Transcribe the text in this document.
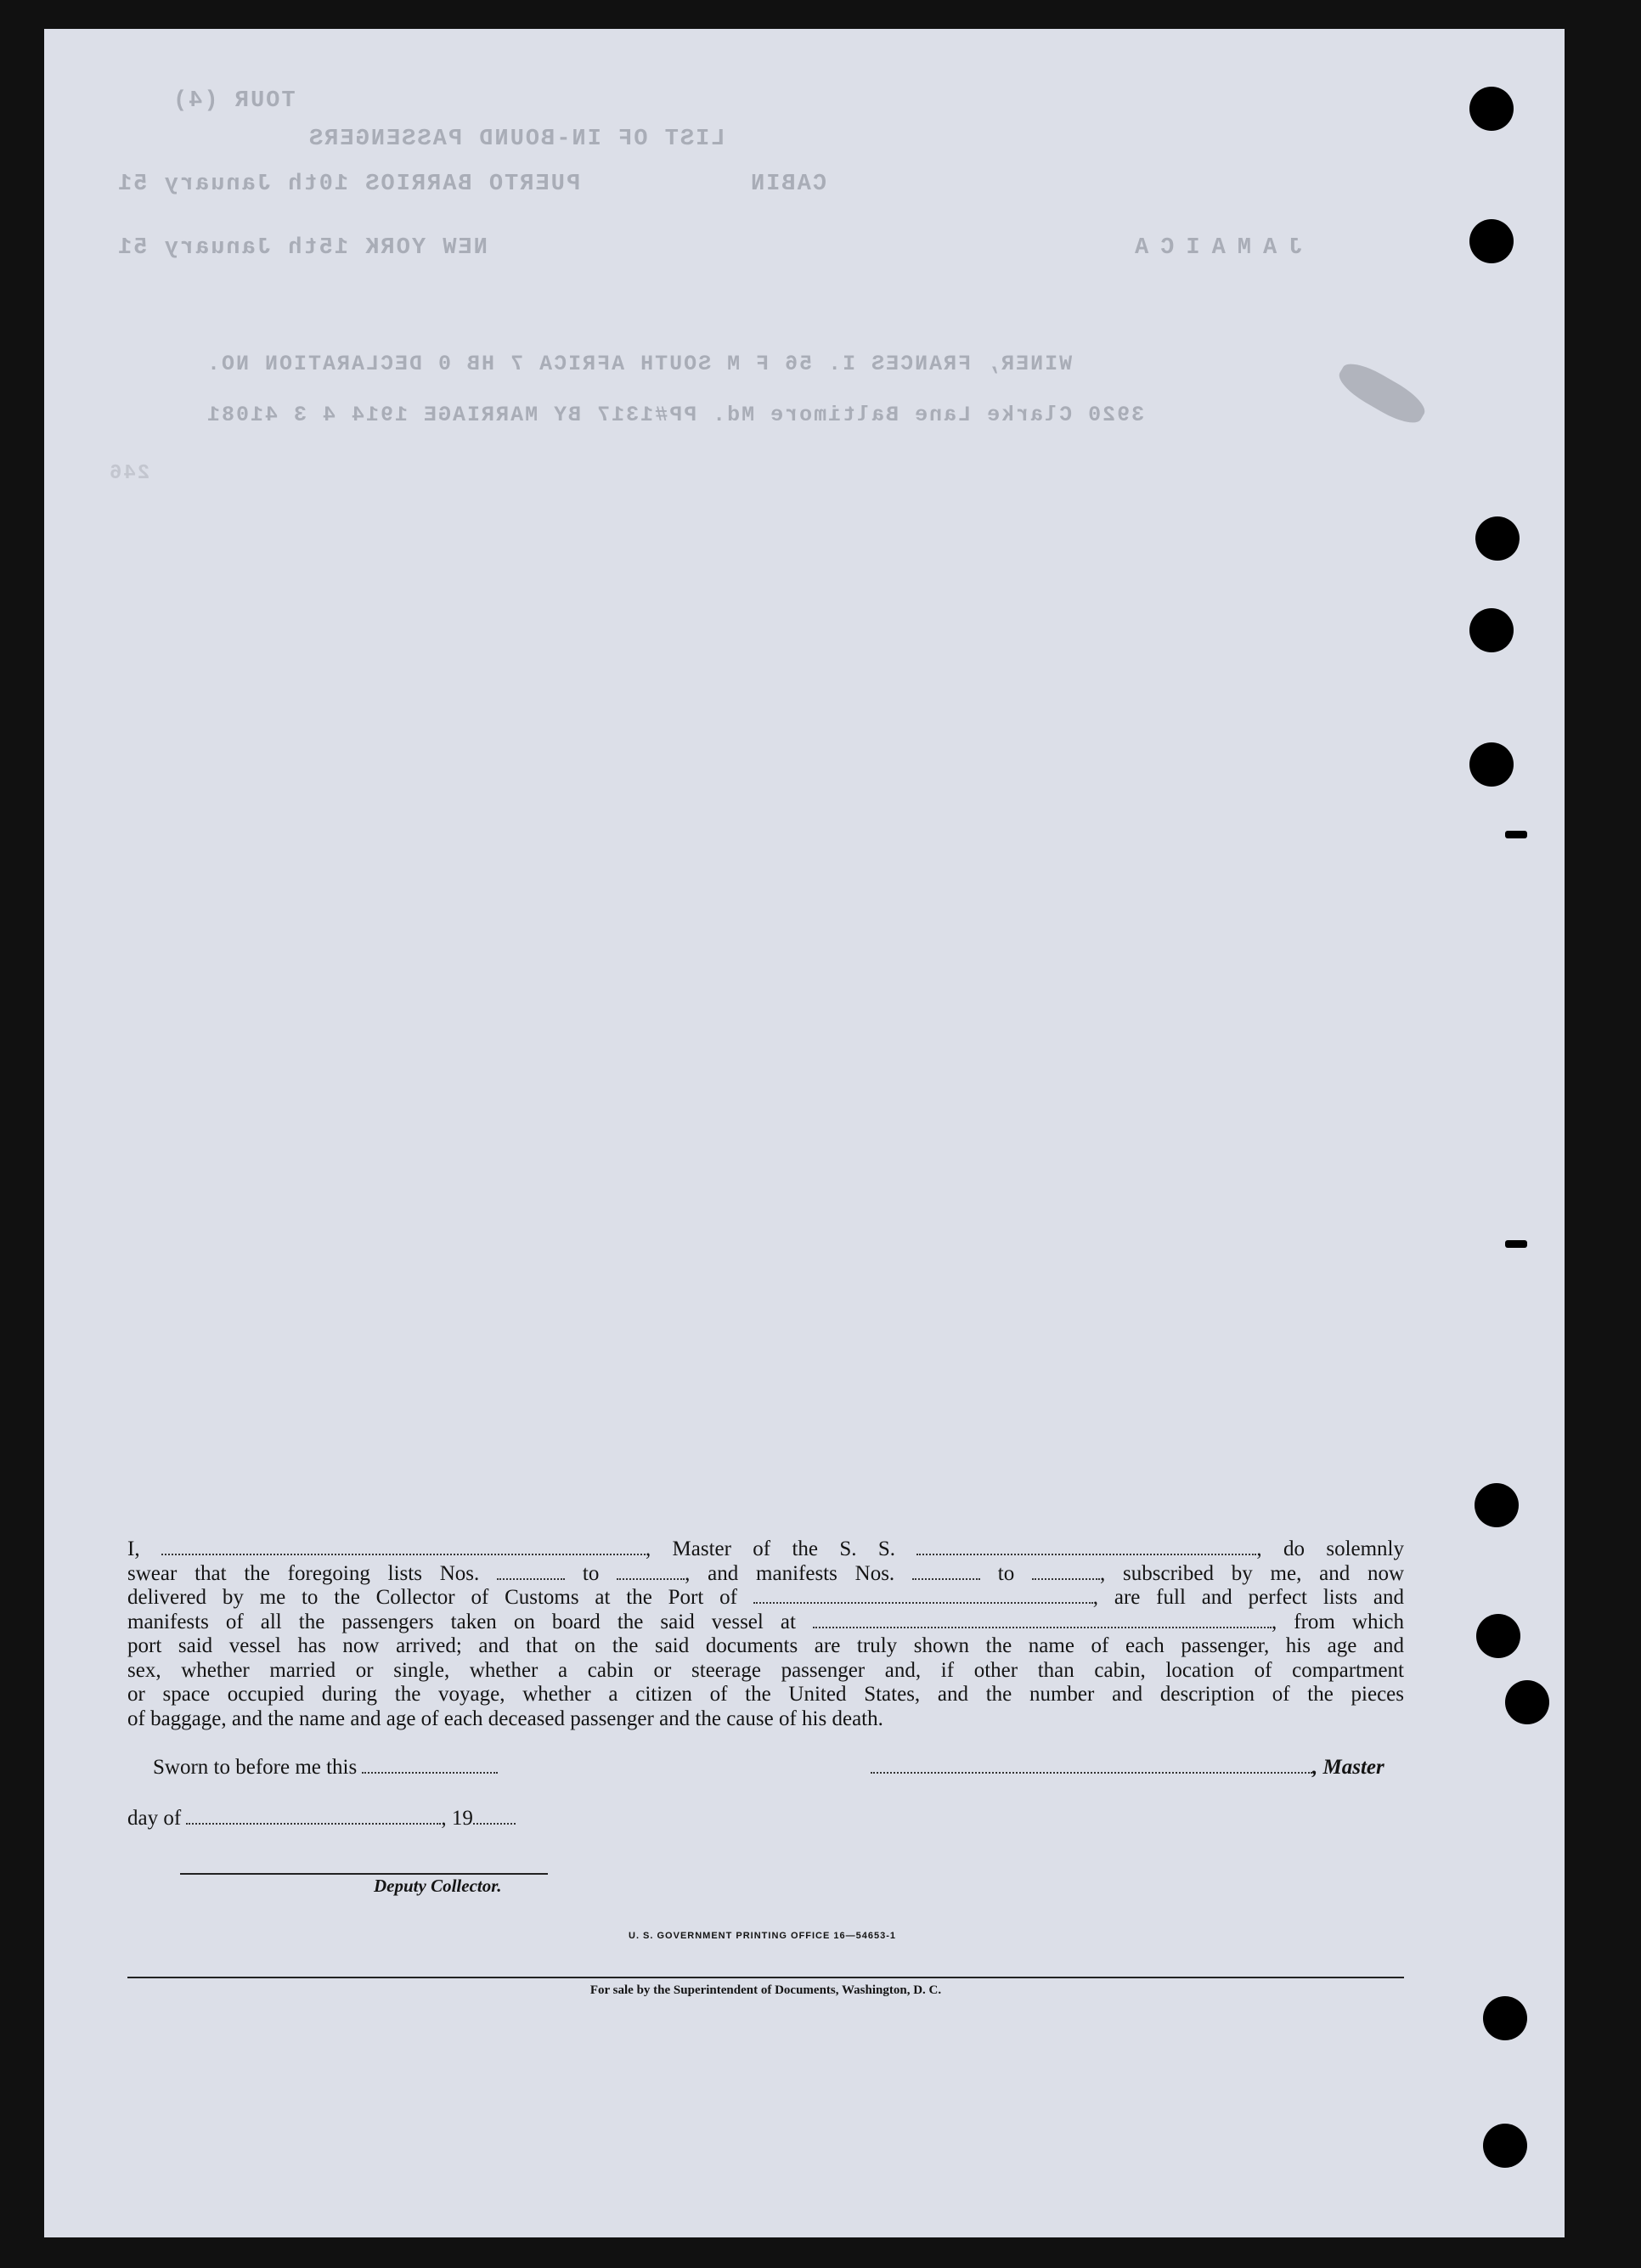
TOUR (4)
LIST OF IN-BOUND PASSENGERS
CABIN
PUERTO BARRIOS 10th January 51
JAMAICA
NEW YORK 15th January 51
WINER, FRANCES I. 56 F M SOUTH AFRICA 7 HB 0 DECLARATION NO.
3920 Clarke Lane Baltimore Md. PP#1317 BY MARRIAGE 1914 4 3 41081
246

I,	, Master of the S. S.	, do solemnly

swear that the foregoing lists Nos.	to	, and manifests Nos.	to	, subscribed by me, and now

delivered by me to the Collector of Customs at the Port of	, are full and perfect lists and

manifests of all the passengers taken on board the said vessel at	, from which

port said vessel has now arrived; and that on the said documents are truly shown the name of each passenger, his age and

sex, whether married or single, whether a cabin or steerage passenger and, if other than cabin, location of compartment

or space occupied during the voyage, whether a citizen of the United States, and the number and description of the pieces

of baggage, and the name and age of each deceased passenger and the cause of his death.

Sworn to before me this	, Master
day of	, 19
Deputy Collector.
U. S. GOVERNMENT PRINTING OFFICE 16—54653-1
For sale by the Superintendent of Documents, Washington, D. C.
